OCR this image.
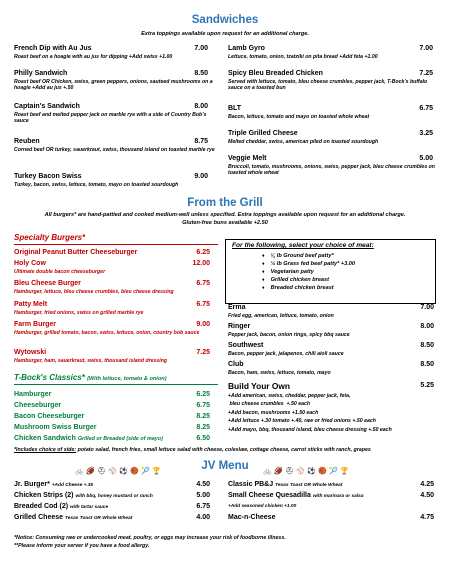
Sandwiches
Extra toppings available upon request for an additional charge.
French Dip with Au Jus	7.00
Roast beef on a hoagie with au jus for dipping +Add swiss +1.00
Philly Sandwich	8.50
Roast beef OR Chicken, swiss, green peppers, onions, sauteed mushrooms on a hoagie +Add au jus +.50
Captain's Sandwich	8.00
Roast beef and melted pepper jack on marble rye with a side of Country Bob's sauce
Reuben	8.75
Corned beef OR turkey, sauerkraut, swiss, thousand island on toasted marble rye
Turkey Bacon Swiss	9.00
Turkey, bacon, swiss, lettuce, tomato, mayo on toasted sourdough
Lamb Gyro	7.00
Lettuce, tomato, onion, tzatziki on pita bread +Add feta +1.00
Spicy Bleu Breaded Chicken	7.25
Served with lettuce, tomato, bleu cheese crumbles, pepper jack, T-Bock's buffalo sauce on a toasted bun
BLT	6.75
Bacon, lettuce, tomato and mayo on toasted whole wheat
Triple Grilled Cheese	3.25
Melted cheddar, swiss, american piled on toasted sourdough
Veggie Melt	5.00
Broccoli, tomato, mushrooms, onions, swiss, pepper jack, bleu cheese crumbles on toasted whole wheat
From the Grill
All burgers* are hand-pattied and cooked medium-well unless specified. Extra toppings available upon request for an additional charge.
Gluten-free buns available +2.50
Specialty Burgers*
Original Peanut Butter Cheeseburger	6.25
Holy Cow	12.00
Ultimate double bacon cheeseburger
Bleu Cheese Burger	6.75
Hamburger, lettuce, bleu cheese crumbles, bleu cheese dressing
Patty Melt	6.75
Hamburger, fried onions, swiss on grilled marble rye
Farm Burger	9.00
Hamburger, grilled tomato, bacon, swiss, lettuce, onion, country bob sauce
Wytowski	7.25
Hamburger, ham, sauerkraut, swiss, thousand island dressing
T-Bock's Classics* (With lettuce, tomato & onion)
Hamburger	6.25
Cheeseburger	6.75
Bacon Cheeseburger	8.25
Mushroom Swiss Burger	8.25
Chicken Sandwich Grilled or Breaded (side of mayo)	6.50
For the following, select your choice of meat:
♦ ¼ lb Ground beef patty*
♦ ½ lb Grass fed beef patty* +3.00
♦ Vegetarian patty
♦ Grilled chicken breast
♦ Breaded chicken breast
Erma	7.00
Fried egg, american, lettuce, tomato, onion
Ringer	8.00
Pepper jack, bacon, onion rings, spicy bbq sauce
Southwest	8.50
Bacon, pepper jack, jalapenos, chili aioli sauce
Club	8.50
Bacon, ham, swiss, lettuce, tomato, mayo
Build Your Own	5.25
+Add american, swiss, cheddar, pepper jack, feta,
bleu cheese crumbles  +.50 each
+Add bacon, mushrooms +1.50 each
+Add lettuce +.30 tomato +.40, raw or fried onions +.50 each
+Add mayo, bbq, thousand island, bleu cheese dressing +.50 each
*Includes choice of side: potato salad, french fries, small lettuce salad with cheese, coleslaw, cottage cheese, carrot sticks with ranch, grapes
🚲 🏈 ⛑ ⚾ ⚽ 🏀 🎾 🏆	JV Menu 🚲 🏈 ⛑ ⚾ ⚽ 🏀 🎾 🏆
Jr. Burger* +Add Cheese +.35	4.50
Chicken Strips (2) with bbq, honey mustard or ranch	5.00
Breaded Cod (2) with tartar sauce	6.75
Grilled Cheese Texas Toast OR Whole Wheat	4.00
Classic PB&J Texas Toast OR Whole Wheat	4.25
Small Cheese Quesadilla with marinara or salsa	4.50
+Add seasoned chicken +1.00
Mac-n-Cheese	4.75
*Notice: Consuming raw or undercooked meat, poultry, or eggs may increase your risk of foodborne illness.
**Please inform your server if you have a food allergy.
